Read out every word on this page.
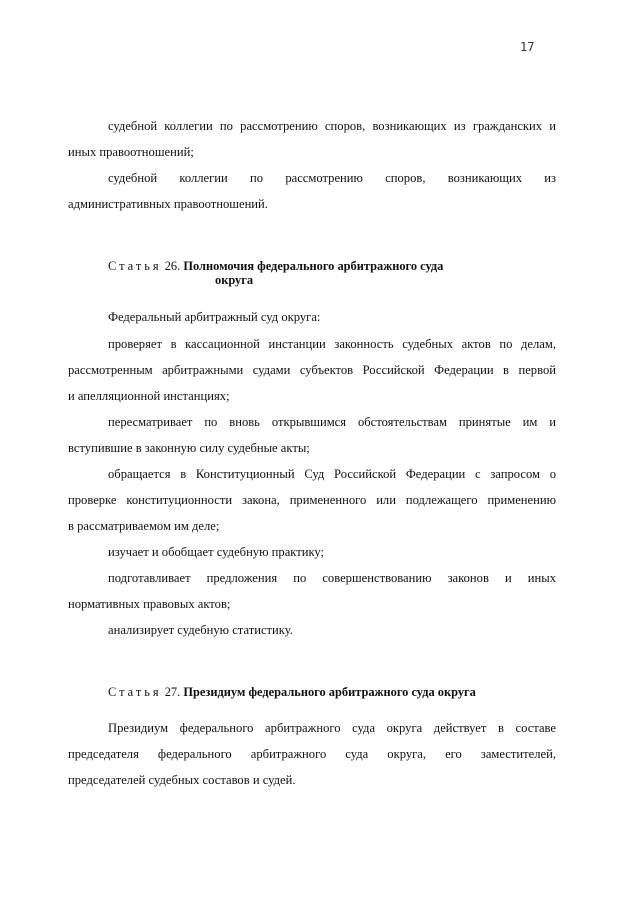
17
судебной коллегии по рассмотрению споров, возникающих из гражданских и
иных правоотношений;
судебной коллегии по рассмотрению споров, возникающих из
административных правоотношений.
Статья 26. Полномочия федерального арбитражного суда
округа
Федеральный арбитражный суд округа:
проверяет в кассационной инстанции законность судебных актов по делам,
рассмотренным арбитражными судами субъектов Российской Федерации в первой
и апелляционной инстанциях;
пересматривает по вновь открывшимся обстоятельствам принятые им и
вступившие в законную силу судебные акты;
обращается в Конституционный Суд Российской Федерации с запросом о
проверке конституционности закона, примененного или подлежащего применению
в рассматриваемом им деле;
изучает и обобщает судебную практику;
подготавливает предложения по совершенствованию законов и иных
нормативных правовых актов;
анализирует судебную статистику.
Статья 27. Президиум федерального арбитражного суда округа
Президиум федерального арбитражного суда округа действует в составе
председателя федерального арбитражного суда округа, его заместителей,
председателей судебных составов и судей.
